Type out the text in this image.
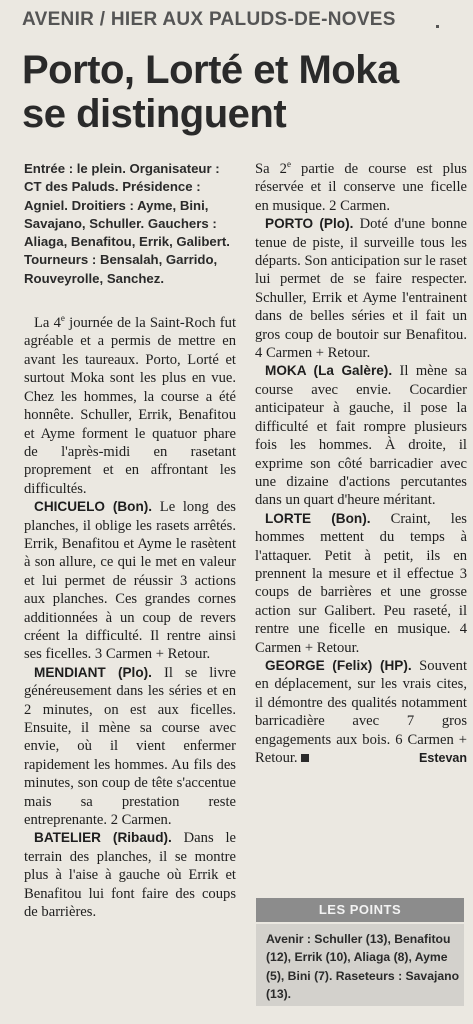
AVENIR / HIER AUX PALUDS-DE-NOVES
Porto, Lorté et Moka
se distinguent

Entrée : le plein. Organisateur : CT des Paluds. Présidence : Agniel. Droitiers : Ayme, Bini, Savajano, Schuller. Gauchers : Aliaga, Benafitou, Errik, Galibert. Tourneurs : Bensalah, Garrido, Rouveyrolle, Sanchez.

La 4e journée de la Saint-Roch fut agréable et a permis de mettre en avant les taureaux. Porto, Lorté et surtout Moka sont les plus en vue. Chez les hommes, la course a été honnête. Schuller, Errik, Benafitou et Ayme forment le quatuor phare de l'après-midi en rasetant proprement et en affrontant les difficultés.

CHICUELO (Bon). Le long des planches, il oblige les rasets arrêtés. Errik, Benafitou et Ayme le rasètent à son allure, ce qui le met en valeur et lui permet de réussir 3 actions aux planches. Ces grandes cornes additionnées à un coup de revers créent la difficulté. Il rentre ainsi ses ficelles. 3 Carmen + Retour.

MENDIANT (Plo). Il se livre généreusement dans les séries et en 2 minutes, on est aux ficelles. Ensuite, il mène sa course avec envie, où il vient enfermer rapidement les hommes. Au fils des minutes, son coup de tête s'accentue mais sa prestation reste entreprenante. 2 Carmen.

BATELIER (Ribaud). Dans le terrain des planches, il se montre plus à l'aise à gauche où Errik et Benafitou lui font faire des coups de barrières.

Sa 2e partie de course est plus réservée et il conserve une ficelle en musique. 2 Carmen.

PORTO (Plo). Doté d'une bonne tenue de piste, il surveille tous les départs. Son anticipation sur le raset lui permet de se faire respecter. Schuller, Errik et Ayme l'entrainent dans de belles séries et il fait un gros coup de boutoir sur Benafitou. 4 Carmen + Retour.

MOKA (La Galère). Il mène sa course avec envie. Cocardier anticipateur à gauche, il pose la difficulté et fait rompre plusieurs fois les hommes. À droite, il exprime son côté barricadier avec une dizaine d'actions percutantes dans un quart d'heure méritant.

LORTE (Bon). Craint, les hommes mettent du temps à l'attaquer. Petit à petit, ils en prennent la mesure et il effectue 3 coups de barrières et une grosse action sur Galibert. Peu raseté, il rentre une ficelle en musique. 4 Carmen + Retour.

GEORGE (Felix) (HP). Souvent en déplacement, sur les vrais cites, il démontre des qualités notamment barricadière avec 7 gros engagements aux bois. 6 Carmen + Retour.	Estevan

LES POINTS
Avenir : Schuller (13), Benafitou (12), Errik (10), Aliaga (8), Ayme (5), Bini (7). Raseteurs : Savajano (13).
